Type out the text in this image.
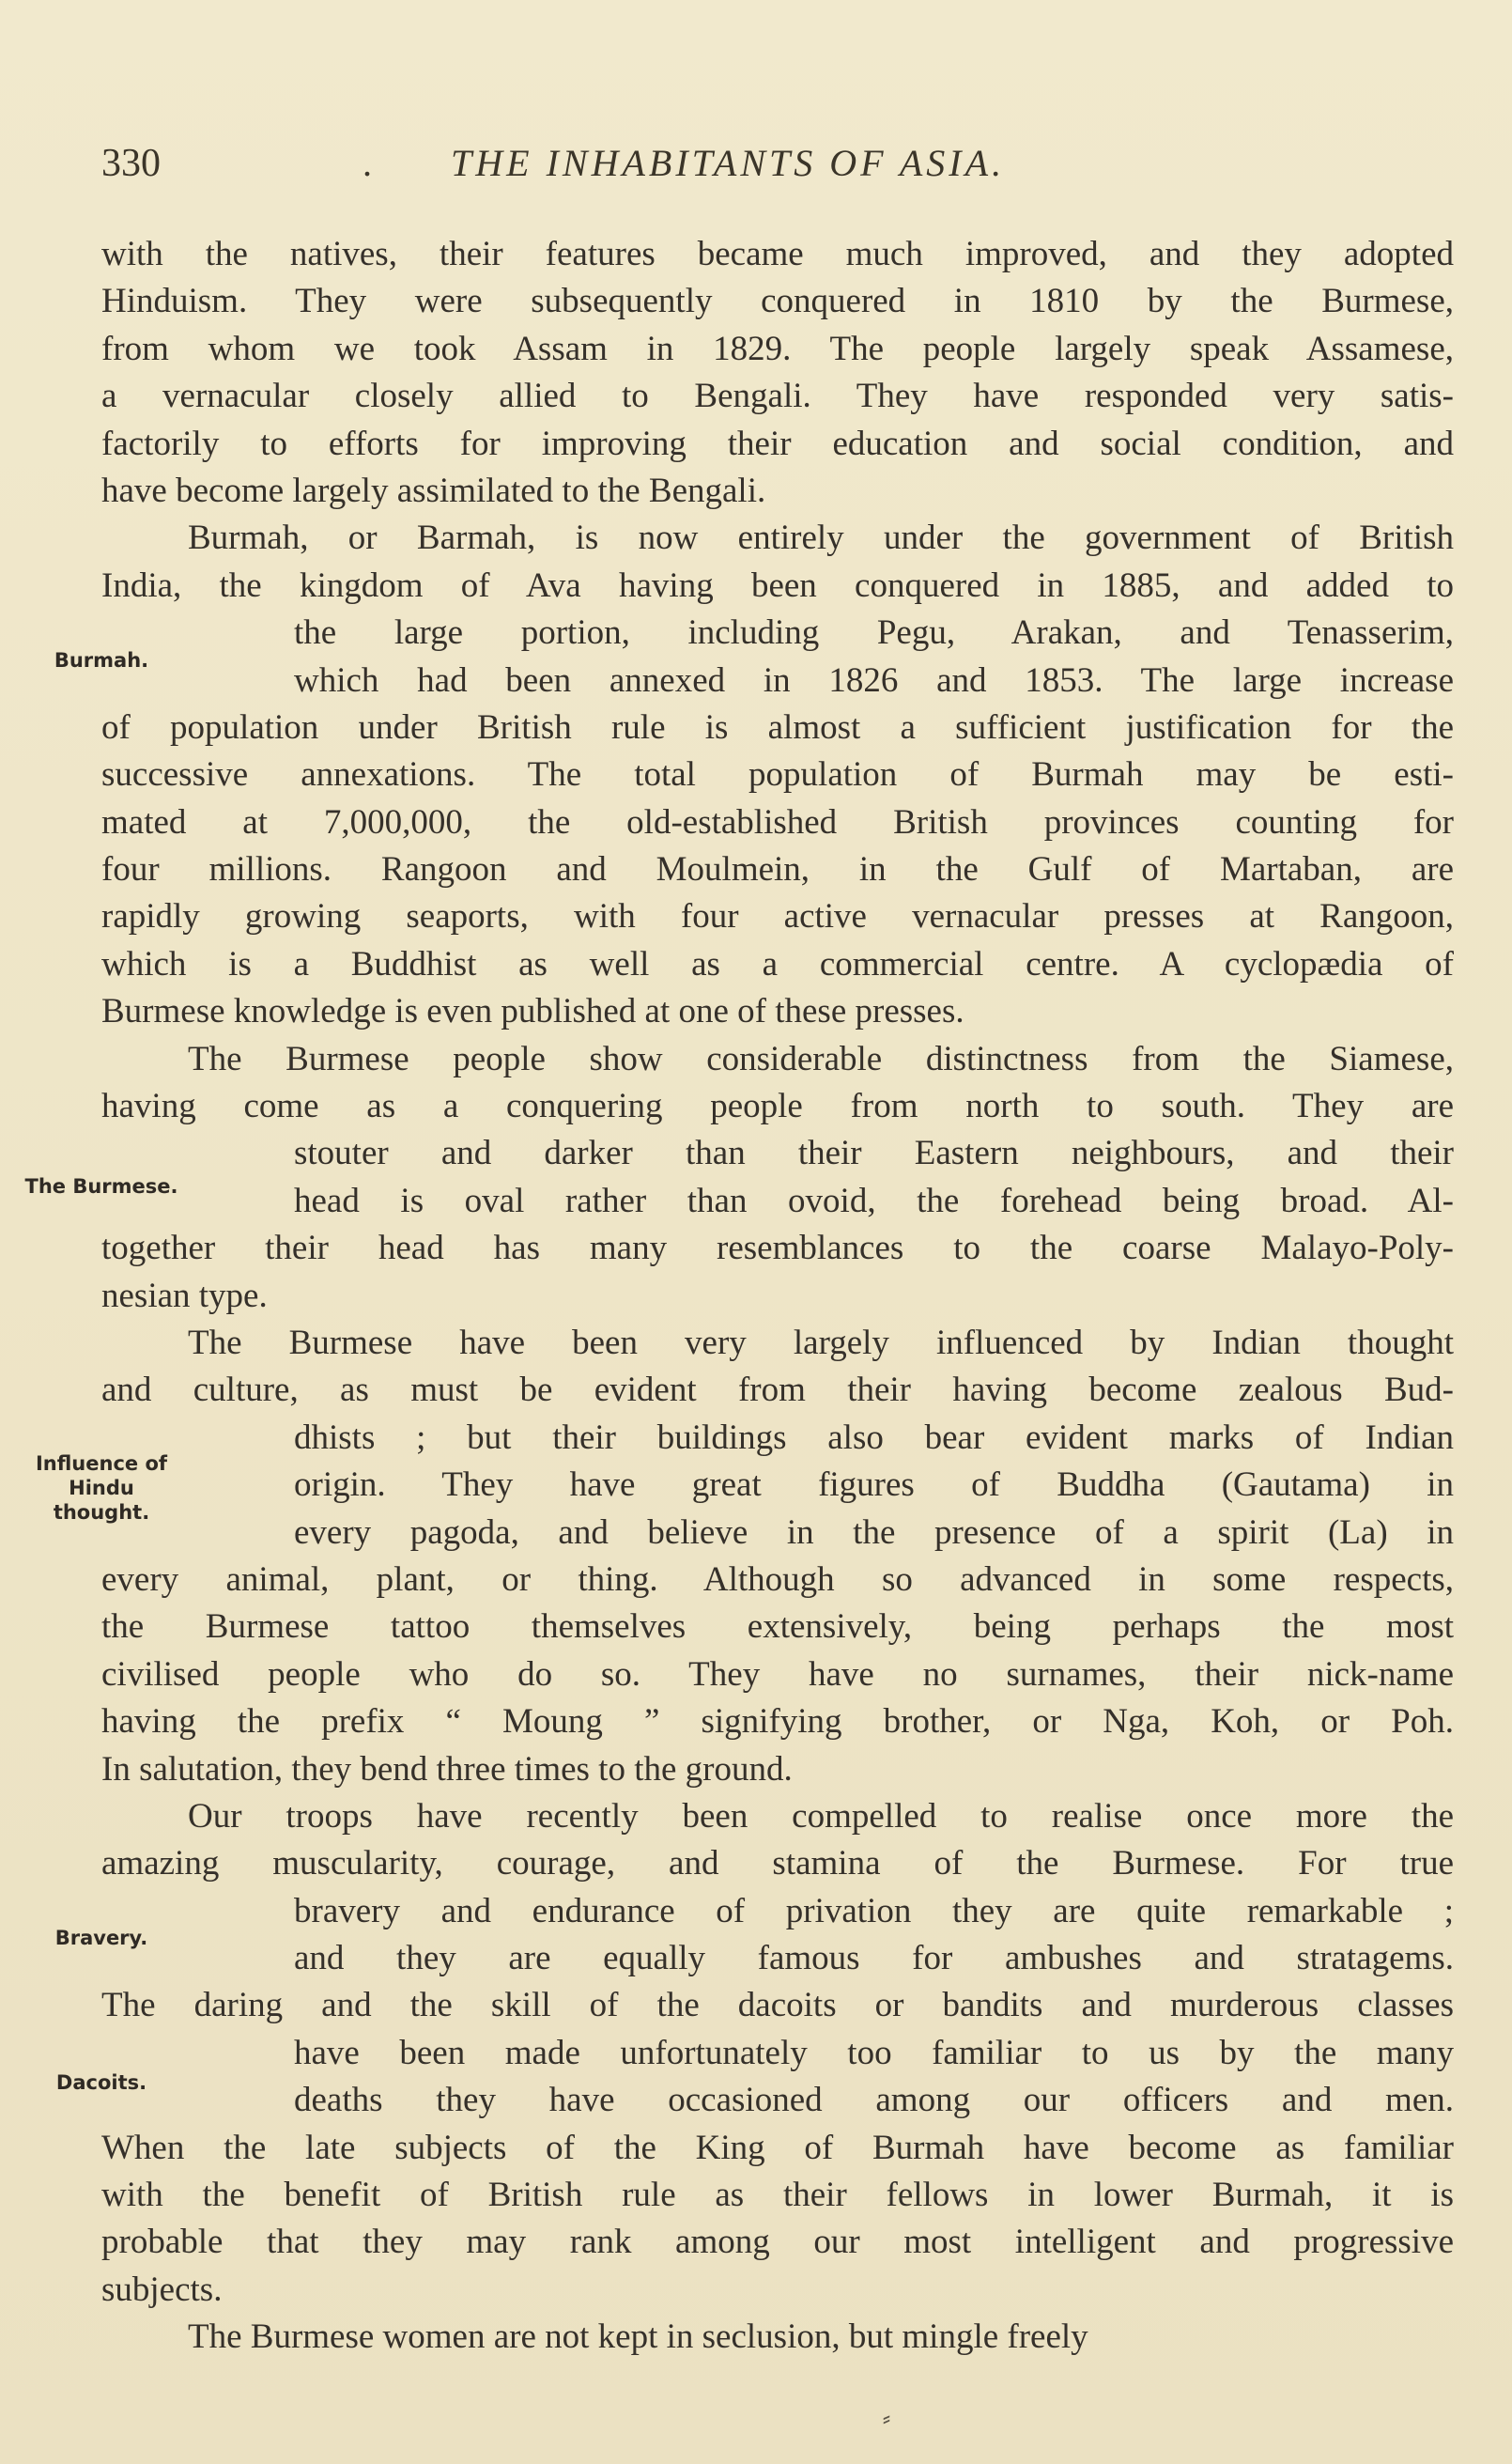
330	. THE INHABITANTS OF ASIA.
Burmah.
The Burmese.
Influence of
Hindu
thought.
Bravery.
Dacoits.
with the natives, their features became much improved, and they adopted
Hinduism. They were subsequently conquered in 1810 by the Burmese,
from whom we took Assam in 1829. The people largely speak Assamese,
a vernacular closely allied to Bengali. They have responded very satis-
factorily to efforts for improving their education and social condition, and
have become largely assimilated to the Bengali.
Burmah, or Barmah, is now entirely under the government of British
India, the kingdom of Ava having been conquered in 1885, and added to
the large portion, including Pegu, Arakan, and Tenasserim,
which had been annexed in 1826 and 1853. The large increase
of population under British rule is almost a sufficient justification for the
successive annexations. The total population of Burmah may be esti-
mated at 7,000,000, the old-established British provinces counting for
four millions. Rangoon and Moulmein, in the Gulf of Martaban, are
rapidly growing seaports, with four active vernacular presses at Rangoon,
which is a Buddhist as well as a commercial centre. A cyclopædia of
Burmese knowledge is even published at one of these presses.
The Burmese people show considerable distinctness from the Siamese,
having come as a conquering people from north to south. They are
stouter and darker than their Eastern neighbours, and their
head is oval rather than ovoid, the forehead being broad. Al-
together their head has many resemblances to the coarse Malayo-Poly-
nesian type.
The Burmese have been very largely influenced by Indian thought
and culture, as must be evident from their having become zealous Bud-
dhists ; but their buildings also bear evident marks of Indian
origin. They have great figures of Buddha (Gautama) in
every pagoda, and believe in the presence of a spirit (La) in
every animal, plant, or thing. Although so advanced in some respects,
the Burmese tattoo themselves extensively, being perhaps the most
civilised people who do so. They have no surnames, their nick-name
having the prefix “ Moung ” signifying brother, or Nga, Koh, or Poh.
In salutation, they bend three times to the ground.
Our troops have recently been compelled to realise once more the
amazing muscularity, courage, and stamina of the Burmese. For true
bravery and endurance of privation they are quite remarkable ;
and they are equally famous for ambushes and stratagems.
The daring and the skill of the dacoits or bandits and murderous classes
have been made unfortunately too familiar to us by the many
deaths they have occasioned among our officers and men.
When the late subjects of the King of Burmah have become as familiar
with the benefit of British rule as their fellows in lower Burmah, it is
probable that they may rank among our most intelligent and progressive
subjects.
The Burmese women are not kept in seclusion, but mingle freely
⸗
